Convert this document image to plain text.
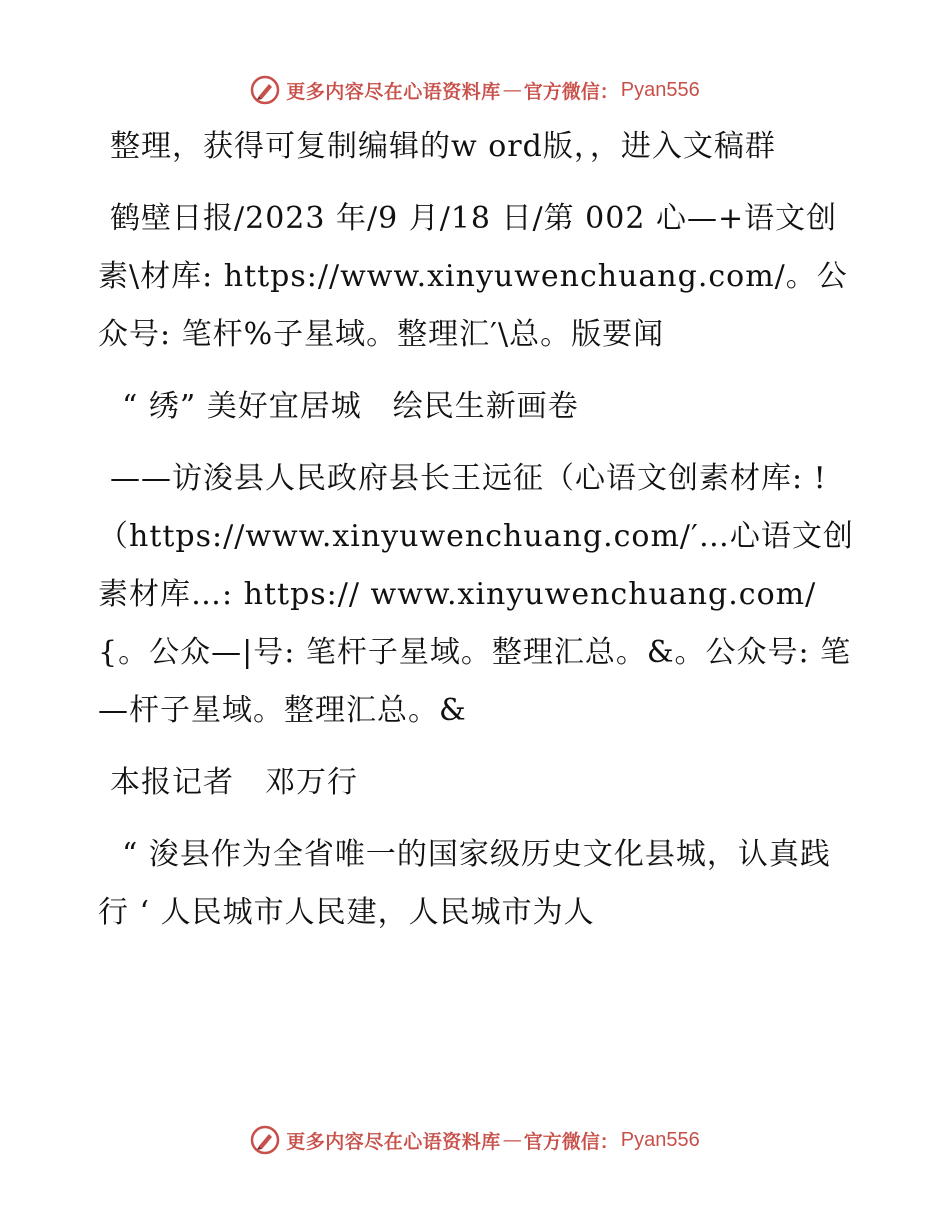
更多内容尽在心语资料库 — 官方微信： Pyan556

整理，获得可复制编辑的w ord版，，进入文稿群

鹤壁日报/2023 年/9 月/18 日/第 002 心—+语文创素\材库: https://www.xinyuwenchuang.com/。公众号: 笔杆%子星域。整理汇′\总。版要闻

“ 绣” 美好宜居城　绘民生新画卷

——访浚县人民政府县长王远征（心语文创素材库: ! （https://www.xinyuwenchuang.com/′…心语文创素材库…: https:// www.xinyuwenchuang.com/{。公众—|号: 笔杆子星域。整理汇总。&。公众号: 笔—杆子星域。整理汇总。&

本报记者　邓万行

“ 浚县作为全省唯一的国家级历史文化县城，认真践行 ‘ 人民城市人民建，人民城市为人

更多内容尽在心语资料库 — 官方微信： Pyan556
